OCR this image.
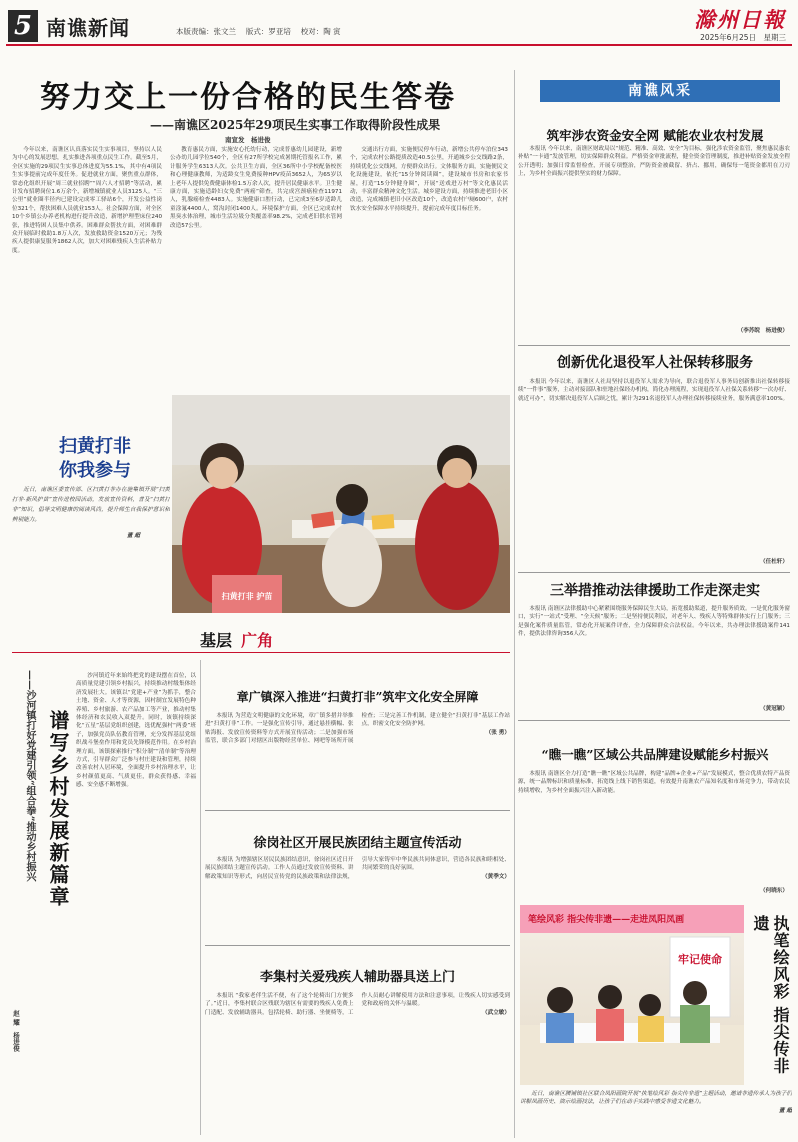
5 南谯新闻	本版责编：张文兰　 版式：罗亚培　 校对：陶 寅	滁州日報
2025年6月25日　 星期三
努力交上一份合格的民生答卷
——南谯区2025年29项民生实事工作取得阶段性成果
南宣发　杨进俊

今年以来，南谯区认真落实民生实事项目，坚持以人民为中心的发展思想，扎实推进各项重点民生工作。截至5月，全区实施的29项民生实事总体进度为55.1%，其中有4项民生实事提前完成年度任务。促进就业方面，聚焦重点群体，常态化组织开展“周三就业招聘”“周六人才招聘”等活动，累计发布招聘岗位1.6万余个，新增城镇就业人员3125人。“三公里”就业圈半径内已建设完成零工驿站6个，开发公益性岗位321个，帮扶困难人员就业153人。社会保障方面，对全区10个乡镇公办养老机构进行提升改造，新增护理型床位240张，推进特困人员集中供养。困难群众帮扶方面，对困难群众开展临时救助1.8万人次，发放救助资金1520万元；为残疾人提供康复服务1862人次，加大对困难残疾人生活补贴力度。

教育惠民方面，实施安心托幼行动，完成普惠幼儿园建设，新增公办幼儿园学位540个，全区有27所学校完成暑期托管报名工作，累计服务学生6313人次。公共卫生方面，全区36所中小学校配备校医和心理健康教师，为适龄女生免费接种HPV疫苗3652人，为65岁以上老年人提供免费健康体检1.5万余人次，提升居民健康水平。卫生健康方面，实施适龄妇女免费“两癌”筛查，共完成宫颈癌检查11971人，乳腺癌检查4483人。实施健康口腔行动，已完成3至6岁适龄儿童涂氟4400人，窝沟封闭1400人。环境保护方面，全区已完成农村黑臭水体治理，城市生活垃圾分类覆盖率98.2%，完成老旧供水管网改造57公里。

交通出行方面，实施便民停车行动，新增公共停车泊位343个，完成农村公路提质改造40.5公里，开通城乡公交线路2条，持续优化公交线网，方便群众出行。文体服务方面，实施便民文化设施建设，依托“15分钟阅读圈”，建设城市书房和农家书屋，打造“15分钟健身圈”，开展“送戏进万村”等文化惠民活动，丰富群众精神文化生活。城乡建设方面，持续推进老旧小区改造，完成城镇老旧小区改造10个，改造农村户厕600户，农村饮水安全保障水平持续提升，提前完成年度目标任务。

扫黄打非
你我参与

近日，南谯区委宣传部、区扫黄打非办在施集镇开展“扫黄打非·新风护苗”宣传进校园活动，发放宣传资料，普及“扫黄打非”知识，倡导文明健康的阅读风尚，提升师生自我保护意识和辨别能力。

董 超
扫黄打非 护苗
南谯风采
筑牢涉农资金安全网 赋能农业农村发展

本报讯 今年以来，南谯区财政局以“规范、精准、高效、安全”为目标，强化涉农资金监管，聚焦惠民惠农补贴“一卡通”发放管理，切实保障群众利益。严格资金审批流程，健全资金管理制度，推进补贴资金发放全程公开透明；加强日常监督检查，开展专项整治，严防资金被截留、挤占、挪用，确保每一笔资金都用在刀刃上，为乡村全面振兴提供坚实的财力保障。

（李苏皖　杨进俊）
创新优化退役军人社保转移服务

本报讯 今年以来，南谯区人社局坚持以退役军人需求为导向，联合退役军人事务局创新推出社保转移接续“一件事”服务，主动对接部队和驻地社保经办机构，简化办理流程，实现退役军人社保关系转移“一次办好、就近可办”，切实解决退役军人后顾之忧，累计为291名退役军人办理社保转移接续业务，服务满意率100%。

（任杜轩）
三举措推动法律援助工作走深走实

本报讯 南谯区法律援助中心紧紧围绕服务保障民生大局，拓宽援助渠道，提升服务质效。一是优化服务窗口，实行“一站式”受理、“全天候”服务；二是坚持便民利民，对老年人、残疾人等特殊群体实行上门服务；三是强化案件质量监管，常态化开展案件评查，全力保障群众合法权益。今年以来，共办理法律援助案件141件，提供法律咨询356人次。

（黄冠颖）
“瞧一瞧”区域公共品牌建设赋能乡村振兴

本报讯 南谯区全力打造“瞧一瞧”区域公共品牌，构建“品牌+企业+产品”发展模式，整合优质农特产品资源，统一品牌标识和质量标准，拓宽线上线下销售渠道，有效提升南谯农产品知名度和市场竞争力，带动农民持续增收，为乡村全面振兴注入新动能。

（何晓东）
笔绘风彩 指尖传非遗——走进凤阳凤画
牢记使命	执笔绘风彩 指尖传非遗

近日，南谯区腰铺镇社区联合凤阳画院开展“执笔绘风彩 指尖传非遗”主题活动，邀请非遗传承人为孩子们讲解凤画历史、演示绘画技法，让孩子们在动手实践中感受非遗文化魅力。

董 超
基层 广角
——沙河镇打好党建引领“组合拳”推动乡村振兴 谱写乡村发展新篇章
赵 耀　杨进俊

沙河镇近年来始终把党的建设摆在首位，以高质量党建引领乡村振兴，持续推动村级集体经济发展壮大。该镇以“党建+产业”为抓手，整合土地、资金、人才等资源，因村制宜发展特色种养殖、乡村旅游、农产品加工等产业，推动村集体经济和农民收入双提升。同时，该镇持续深化“五星”基层党组织创建，选优配强村“两委”班子，加强党员队伍教育管理，充分发挥基层党组织战斗堡垒作用和党员先锋模范作用。在乡村治理方面，该镇探索推行“积分制”“清单制”等治理方式，引导群众广泛参与村庄建设和管理，持续改善农村人居环境，全面提升乡村治理水平，让乡村颜值更高、气质更佳，群众获得感、幸福感、安全感不断增强。

章广镇深入推进“扫黄打非”筑牢文化安全屏障

本报讯 为营造文明健康的文化环境，章广镇多措并举推进“扫黄打非”工作。一是强化宣传引导，通过悬挂横幅、张贴海报、发放宣传资料等方式开展宣传活动；二是加强市场监管，联合多部门对辖区出版物经营单位、网吧等场所开展检查；三是完善工作机制，建立健全“扫黄打非”基层工作站点，织密文化安全防护网。

（张 勇）
徐岗社区开展民族团结主题宣传活动

本报讯 为增强辖区居民民族团结意识，徐岗社区近日开展民族团结主题宣传活动。工作人员通过发放宣传资料、讲解政策知识等形式，向居民宣传党的民族政策和法律法规，引导大家铸牢中华民族共同体意识，营造各民族和睦相处、共同繁荣的良好氛围。

（黄季文）
李集村关爱残疾人辅助器具送上门

本报讯 “我家老伴生活不便，有了这个轮椅出门方便多了。”近日，李集村联合区残联为辖区有需要的残疾人免费上门适配、发放辅助器具，包括轮椅、助行器、坐便椅等，工作人员耐心讲解使用方法和注意事项，让残疾人切实感受到党和政府的关怀与温暖。

（武立敏）
